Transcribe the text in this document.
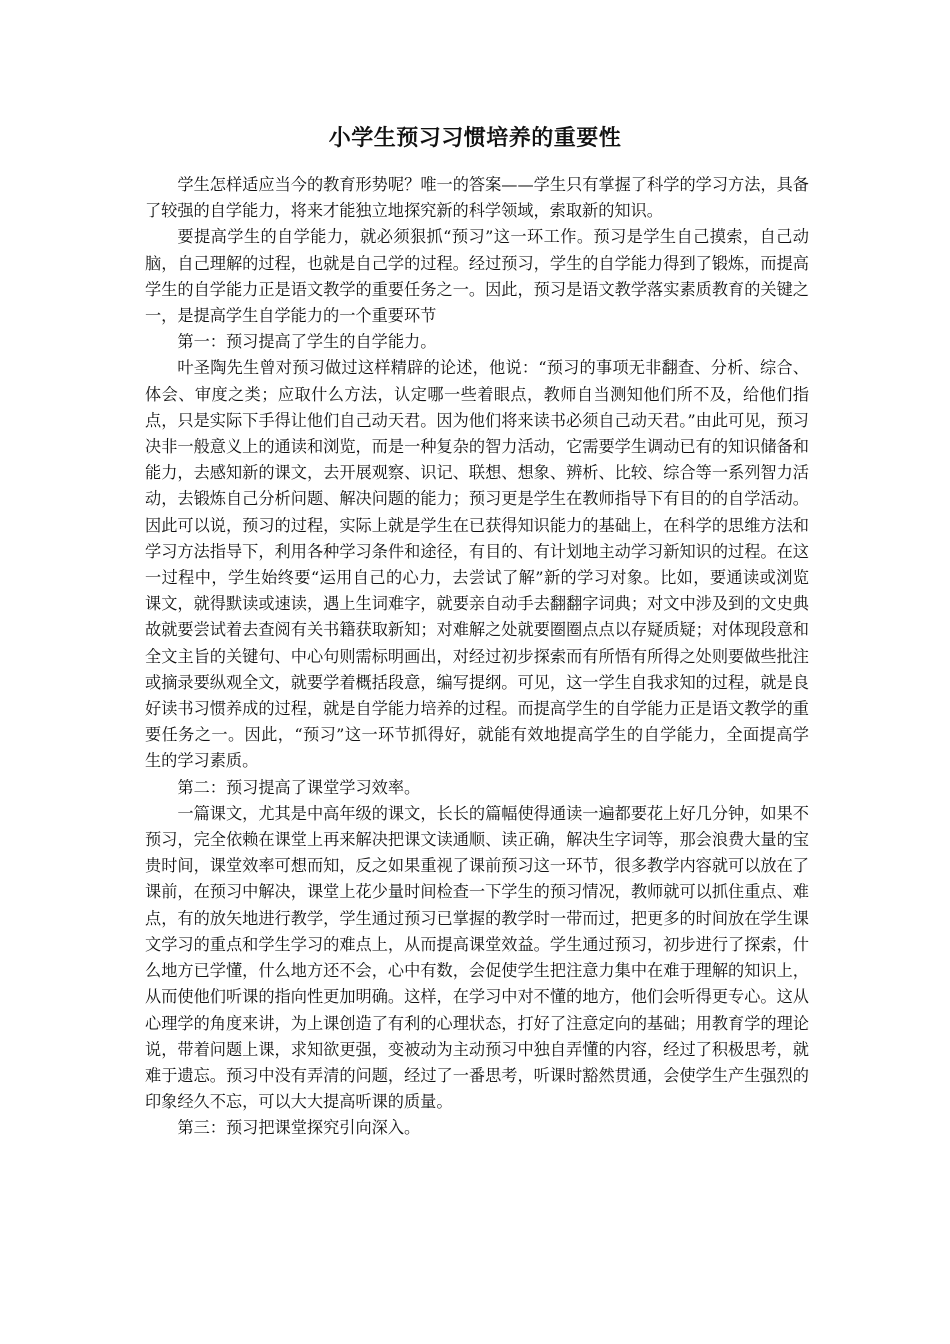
小学生预习习惯培养的重要性

学生怎样适应当今的教育形势呢？唯一的答案——学生只有掌握了科学的学习方法，具备了较强的自学能力，将来才能独立地探究新的科学领域，索取新的知识。

要提高学生的自学能力，就必须狠抓“预习”这一环工作。预习是学生自己摸索，自己动脑，自己理解的过程，也就是自己学的过程。经过预习，学生的自学能力得到了锻炼，而提高学生的自学能力正是语文教学的重要任务之一。因此，预习是语文教学落实素质教育的关键之一，是提高学生自学能力的一个重要环节

第一：预习提高了学生的自学能力。

叶圣陶先生曾对预习做过这样精辟的论述，他说：“预习的事项无非翻查、分析、综合、体会、审度之类；应取什么方法，认定哪一些着眼点，教师自当测知他们所不及，给他们指点，只是实际下手得让他们自己动天君。因为他们将来读书必须自己动天君。”由此可见，预习决非一般意义上的通读和浏览，而是一种复杂的智力活动，它需要学生调动已有的知识储备和能力，去感知新的课文，去开展观察、识记、联想、想象、辨析、比较、综合等一系列智力活动，去锻炼自己分析问题、解决问题的能力；预习更是学生在教师指导下有目的的自学活动。因此可以说，预习的过程，实际上就是学生在已获得知识能力的基础上，在科学的思维方法和学习方法指导下，利用各种学习条件和途径，有目的、有计划地主动学习新知识的过程。在这一过程中，学生始终要“运用自己的心力，去尝试了解”新的学习对象。比如，要通读或浏览课文，就得默读或速读，遇上生词难字，就要亲自动手去翻翻字词典；对文中涉及到的文史典故就要尝试着去查阅有关书籍获取新知；对难解之处就要圈圈点点以存疑质疑；对体现段意和全文主旨的关键句、中心句则需标明画出，对经过初步探索而有所悟有所得之处则要做些批注或摘录要纵观全文，就要学着概括段意，编写提纲。可见，这一学生自我求知的过程，就是良好读书习惯养成的过程，就是自学能力培养的过程。而提高学生的自学能力正是语文教学的重要任务之一。因此，“预习”这一环节抓得好，就能有效地提高学生的自学能力，全面提高学生的学习素质。

第二：预习提高了课堂学习效率。

一篇课文，尤其是中高年级的课文，长长的篇幅使得通读一遍都要花上好几分钟，如果不预习，完全依赖在课堂上再来解决把课文读通顺、读正确，解决生字词等，那会浪费大量的宝贵时间，课堂效率可想而知，反之如果重视了课前预习这一环节，很多教学内容就可以放在了课前，在预习中解决，课堂上花少量时间检查一下学生的预习情况，教师就可以抓住重点、难点，有的放矢地进行教学，学生通过预习已掌握的教学时一带而过，把更多的时间放在学生课文学习的重点和学生学习的难点上，从而提高课堂效益。学生通过预习，初步进行了探索，什么地方已学懂，什么地方还不会，心中有数，会促使学生把注意力集中在难于理解的知识上，从而使他们听课的指向性更加明确。这样，在学习中对不懂的地方，他们会听得更专心。这从心理学的角度来讲，为上课创造了有利的心理状态，打好了注意定向的基础；用教育学的理论说，带着问题上课，求知欲更强，变被动为主动预习中独自弄懂的内容，经过了积极思考，就难于遗忘。预习中没有弄清的问题，经过了一番思考，听课时豁然贯通，会使学生产生强烈的印象经久不忘，可以大大提高听课的质量。

第三：预习把课堂探究引向深入。
